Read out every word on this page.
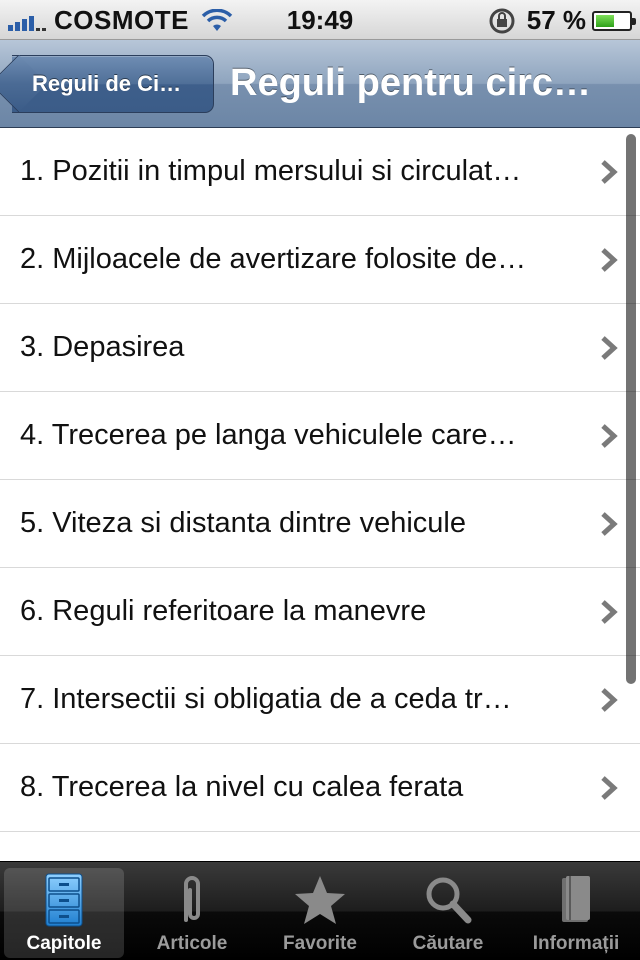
COSMOTE	19:49	57 %
Reguli de Ci… Reguli pentru circ…
1. Pozitii in timpul mersului si circulat…
2. Mijloacele de avertizare folosite de…
3. Depasirea
4. Trecerea pe langa vehiculele care…
5. Viteza si distanta dintre vehicule
6. Reguli referitoare la manevre
7. Intersectii si obligatia de a ceda tr…
8. Trecerea la nivel cu calea ferata
Capitole	Articole	Favorite	Căutare	Informații
